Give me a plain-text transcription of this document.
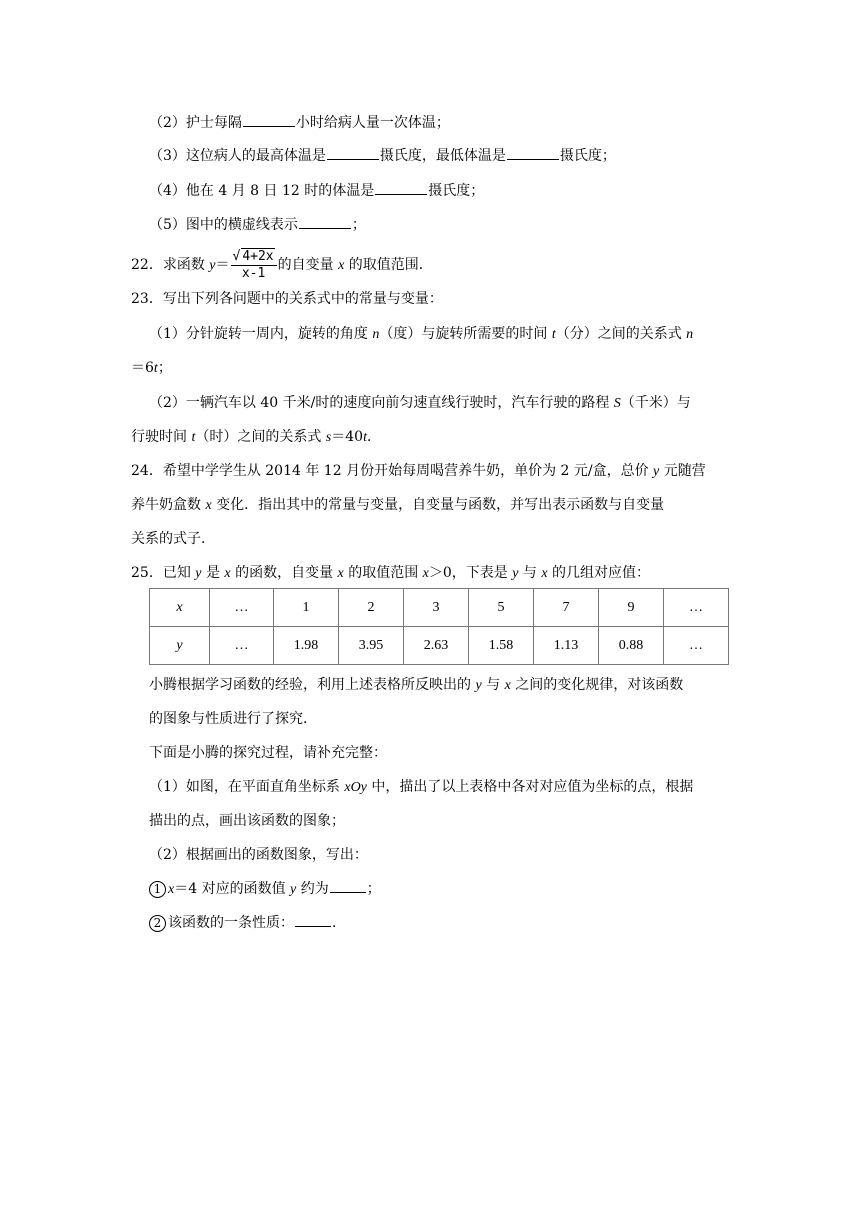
（2）护士每隔	小时给病人量一次体温；
（3）这位病人的最高体温是	摄氏度，最低体温是	摄氏度；
（4）他在 4 月 8 日 12 时的体温是	摄氏度；
（5）图中的横虚线表示	；
22．求函数 $y= \frac{√ 4+2x}{x-1}$ 的自变量 x 的取值范围．
23．写出下列各问题中的关系式中的常量与变量：
（1）分针旋转一周内，旋转的角度 n（度）与旋转所需要的时间 t（分）之间的关系式 n
＝6t；
（2）一辆汽车以 40 千米/时的速度向前匀速直线行驶时，汽车行驶的路程 S（千米）与
行驶时间 t（时）之间的关系式 s＝40t．
24．希望中学学生从 2014 年 12 月份开始每周喝营养牛奶，单价为 2 元/盒，总价 y 元随营
养牛奶盒数 x 变化．指出其中的常量与变量，自变量与函数，并写出表示函数与自变量
关系的式子．
25．已知 y 是 x 的函数，自变量 x 的取值范围 x＞0，下表是 y 与 x 的几组对应值：
x	…	1	2	3	5	7	9	…
y	…	1.98	3.95	2.63	1.58	1.13	0.88	…
小腾根据学习函数的经验，利用上述表格所反映出的 y 与 x 之间的变化规律，对该函数
的图象与性质进行了探究．
下面是小腾的探究过程，请补充完整：
（1）如图，在平面直角坐标系 xOy 中，描出了以上表格中各对对应值为坐标的点，根据
描出的点，画出该函数的图象；
（2）根据画出的函数图象，写出：
1 x＝4 对应的函数值 y 约为	；
2 该函数的一条性质：	．
